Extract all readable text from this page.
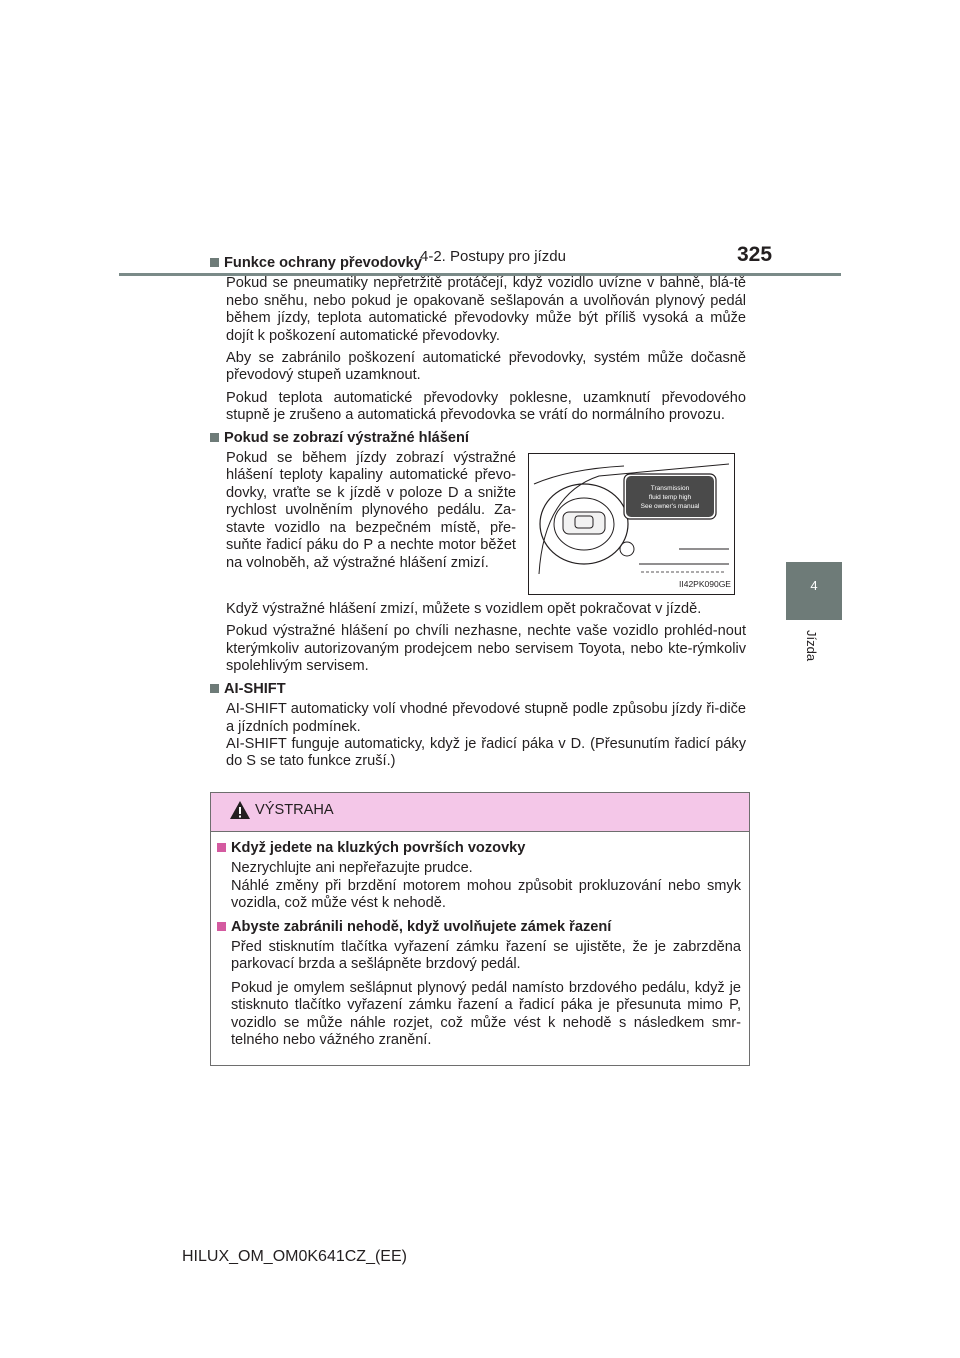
4-2. Postupy pro jízdu	325
4
Jízda
Funkce ochrany převodovky

Pokud se pneumatiky nepřetržitě protáčejí, když vozidlo uvízne v bahně, blá-tě nebo sněhu, nebo pokud je opakovaně sešlapován a uvolňován plynový pedál během jízdy, teplota automatické převodovky může být příliš vysoká a může dojít k poškození automatické převodovky.

Aby se zabránilo poškození automatické převodovky, systém může dočasně převodový stupeň uzamknout.

Pokud teplota automatické převodovky poklesne, uzamknutí převodového stupně je zrušeno a automatická převodovka se vrátí do normálního provozu.

Pokud se zobrazí výstražné hlášení

Pokud se během jízdy zobrazí výstražné hlášení teploty kapaliny automatické převo-dovky, vraťte se k jízdě v poloze D a snižte rychlost uvolněním plynového pedálu. Za-stavte vozidlo na bezpečném místě, pře-suňte řadicí páku do P a nechte motor běžet na volnoběh, až výstražné hlášení zmizí.

Transmission
fluid temp high
See owner's manual
II42PK090GE

Když výstražné hlášení zmizí, můžete s vozidlem opět pokračovat v jízdě.

Pokud výstražné hlášení po chvíli nezhasne, nechte vaše vozidlo prohléd-nout kterýmkoliv autorizovaným prodejcem nebo servisem Toyota, nebo kte-rýmkoliv spolehlivým servisem.

AI-SHIFT

AI-SHIFT automaticky volí vhodné převodové stupně podle způsobu jízdy ři-diče a jízdních podmínek.

AI-SHIFT funguje automaticky, když je řadicí páka v D. (Přesunutím řadicí páky do S se tato funkce zruší.)

VÝSTRAHA
Když jedete na kluzkých površích vozovky

Nezrychlujte ani nepřeřazujte prudce.

Náhlé změny při brzdění motorem mohou způsobit prokluzování nebo smyk vozidla, což může vést k nehodě.

Abyste zabránili nehodě, když uvolňujete zámek řazení

Před stisknutím tlačítka vyřazení zámku řazení se ujistěte, že je zabrzděna parkovací brzda a sešlápněte brzdový pedál.

Pokud je omylem sešlápnut plynový pedál namísto brzdového pedálu, když je stisknuto tlačítko vyřazení zámku řazení a řadicí páka je přesunuta mimo P, vozidlo se může náhle rozjet, což může vést k nehodě s následkem smr-telného nebo vážného zranění.

HILUX_OM_OM0K641CZ_(EE)
